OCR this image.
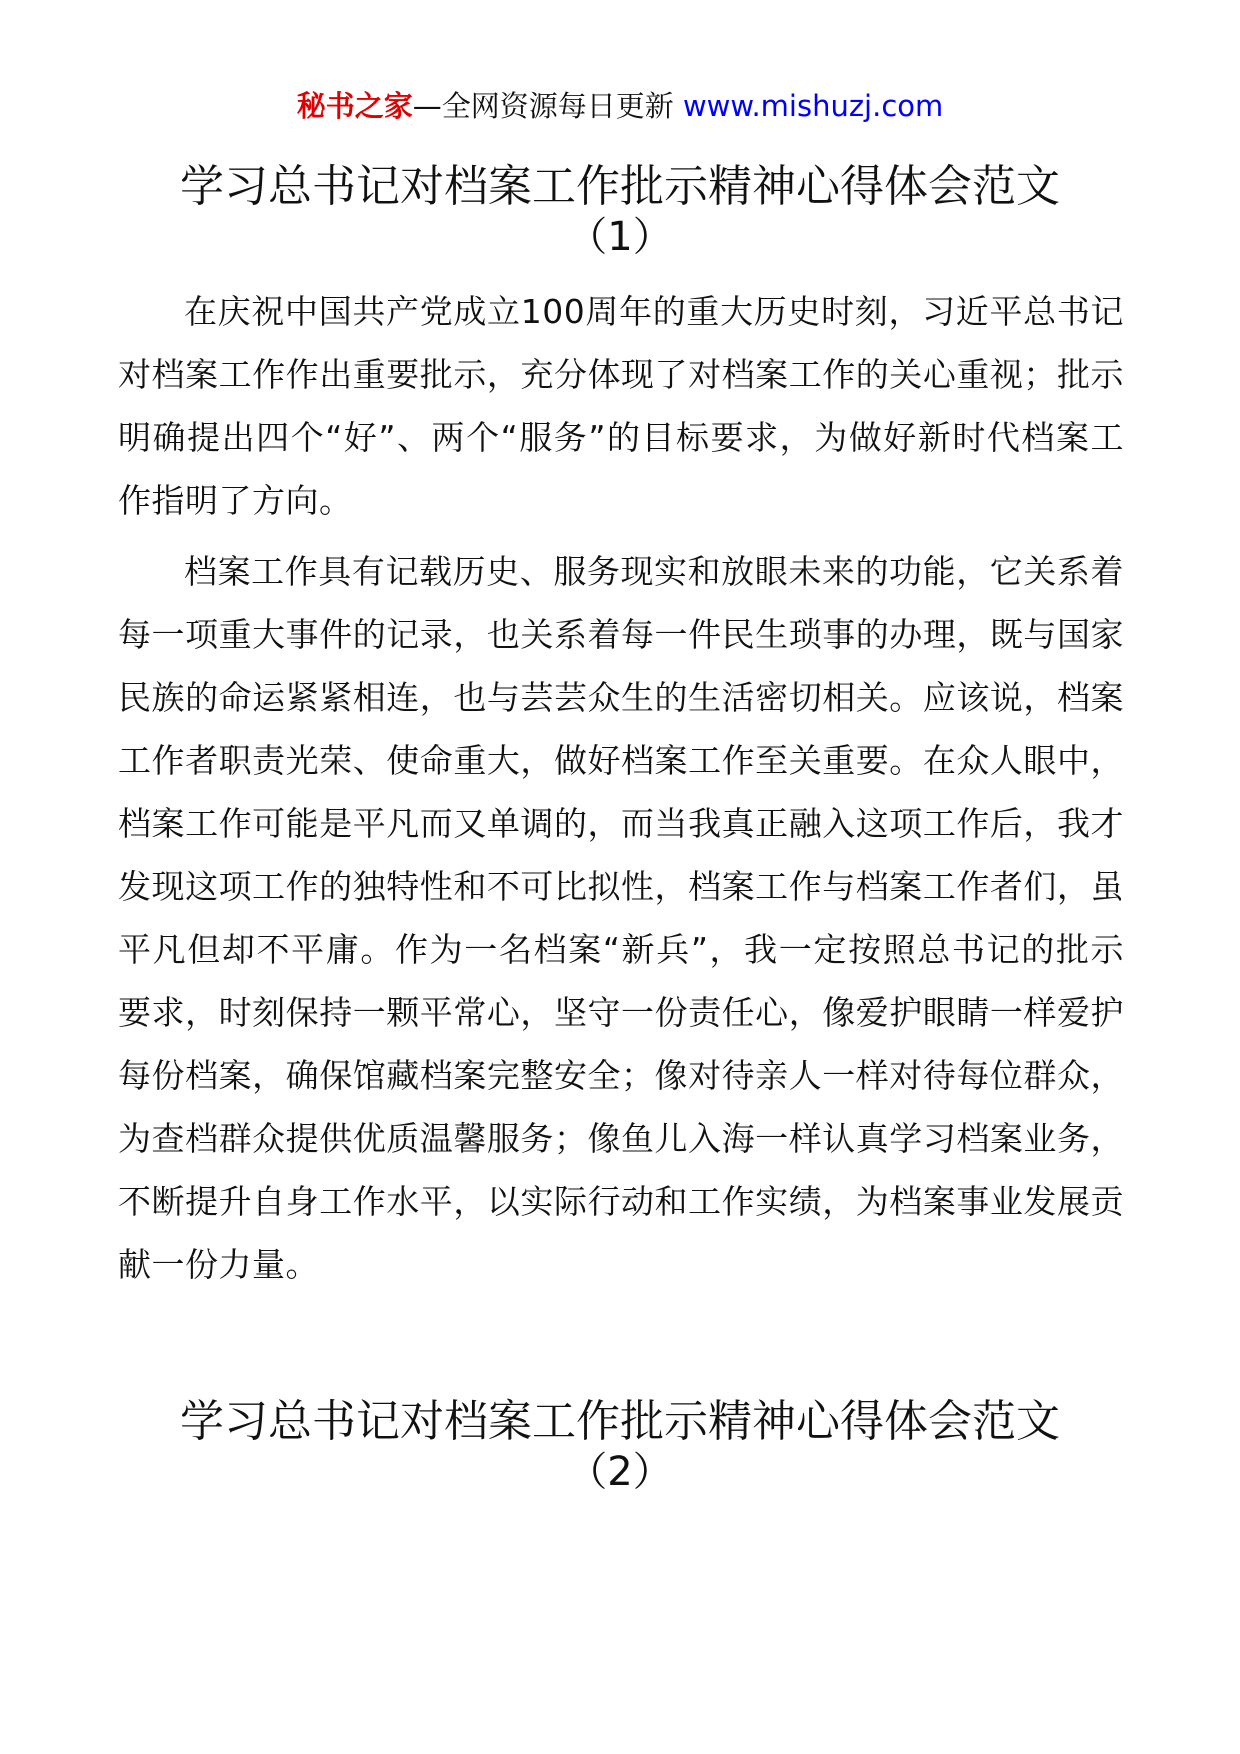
秘书之家—全网资源每日更新 www.mishuzj.com
学习总书记对档案工作批示精神心得体会范文
（1）

在庆祝中国共产党成立100周年的重大历史时刻，习近平总书记对档案工作作出重要批示，充分体现了对档案工作的关心重视；批示明确提出四个“好”、两个“服务”的目标要求，为做好新时代档案工作指明了方向。

档案工作具有记载历史、服务现实和放眼未来的功能，它关系着每一项重大事件的记录，也关系着每一件民生琐事的办理，既与国家民族的命运紧紧相连，也与芸芸众生的生活密切相关。应该说，档案工作者职责光荣、使命重大，做好档案工作至关重要。在众人眼中，档案工作可能是平凡而又单调的，而当我真正融入这项工作后，我才发现这项工作的独特性和不可比拟性，档案工作与档案工作者们，虽平凡但却不平庸。作为一名档案“新兵”，我一定按照总书记的批示要求，时刻保持一颗平常心，坚守一份责任心，像爱护眼睛一样爱护每份档案，确保馆藏档案完整安全；像对待亲人一样对待每位群众，为查档群众提供优质温馨服务；像鱼儿入海一样认真学习档案业务，不断提升自身工作水平，以实际行动和工作实绩，为档案事业发展贡献一份力量。

学习总书记对档案工作批示精神心得体会范文
（2）
